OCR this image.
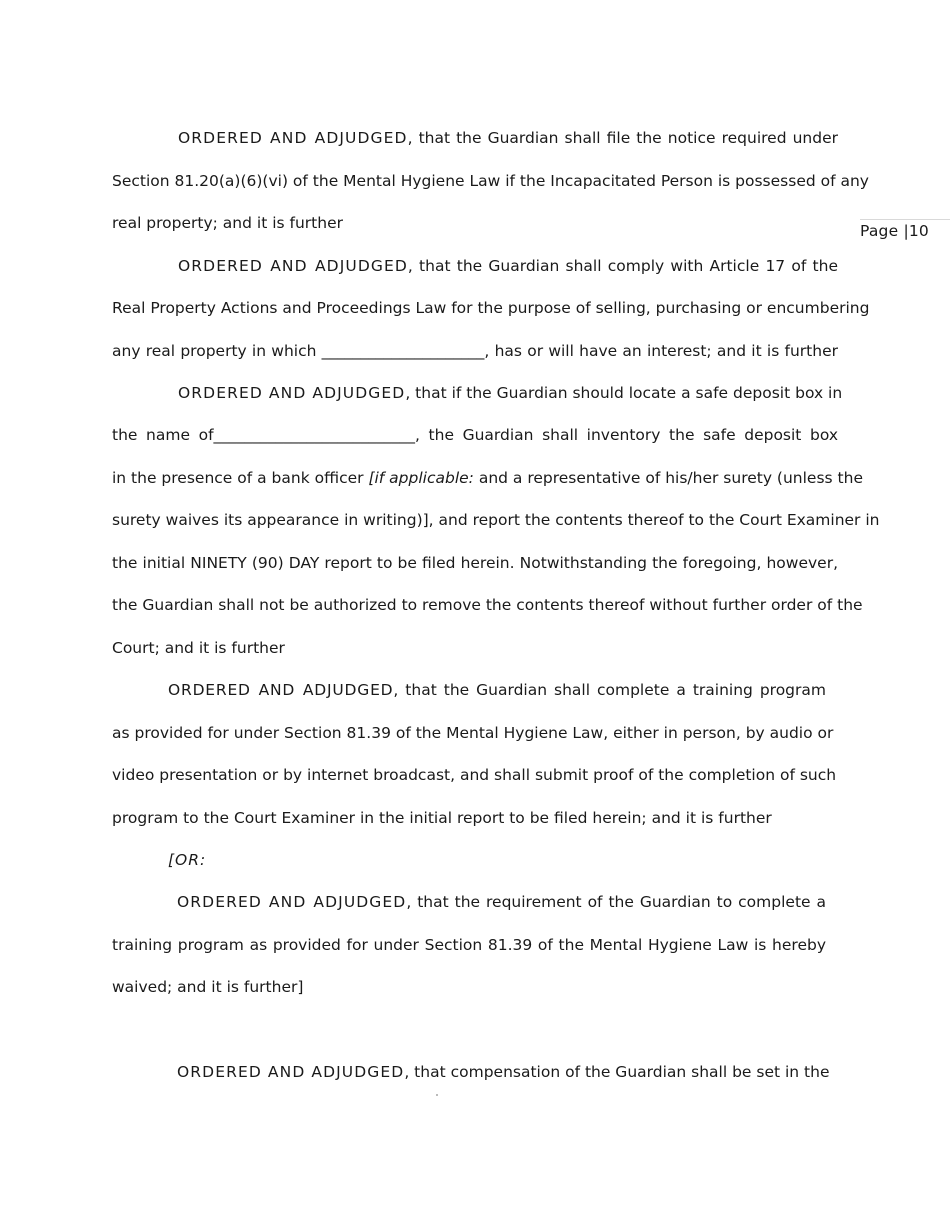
Page |10

ORDERED AND ADJUDGED, that the Guardian shall file the notice required under

Section 81.20(a)(6)(vi) of the Mental Hygiene Law if the Incapacitated Person is possessed of any

real property; and it is further

ORDERED AND ADJUDGED, that the Guardian shall comply with Article 17 of the

Real Property Actions and Proceedings Law for the purpose of selling, purchasing or encumbering

any real property in which _____________________, has or will have an interest; and it is further

ORDERED AND ADJUDGED, that if the Guardian should locate a safe deposit box in

the name of__________________________, the Guardian shall inventory the safe deposit box

in the presence of a bank officer [if applicable: and a representative of his/her surety (unless the

surety waives its appearance in writing)], and report the contents thereof to the Court Examiner in

the initial NINETY (90) DAY report to be filed herein. Notwithstanding the foregoing, however,

the Guardian shall not be authorized to remove the contents thereof without further order of the

Court; and it is further

ORDERED AND ADJUDGED, that the Guardian shall complete a training program

as provided for under Section 81.39 of the Mental Hygiene Law, either in person, by audio or

video presentation or by internet broadcast, and shall submit proof of the completion of such

program to the Court Examiner in the initial report to be filed herein; and it is further

[OR:

ORDERED AND ADJUDGED, that the requirement of the Guardian to complete a

training program as provided for under Section 81.39 of the Mental Hygiene Law is hereby

waived; and it is further]

ORDERED AND ADJUDGED, that compensation of the Guardian shall be set in the
